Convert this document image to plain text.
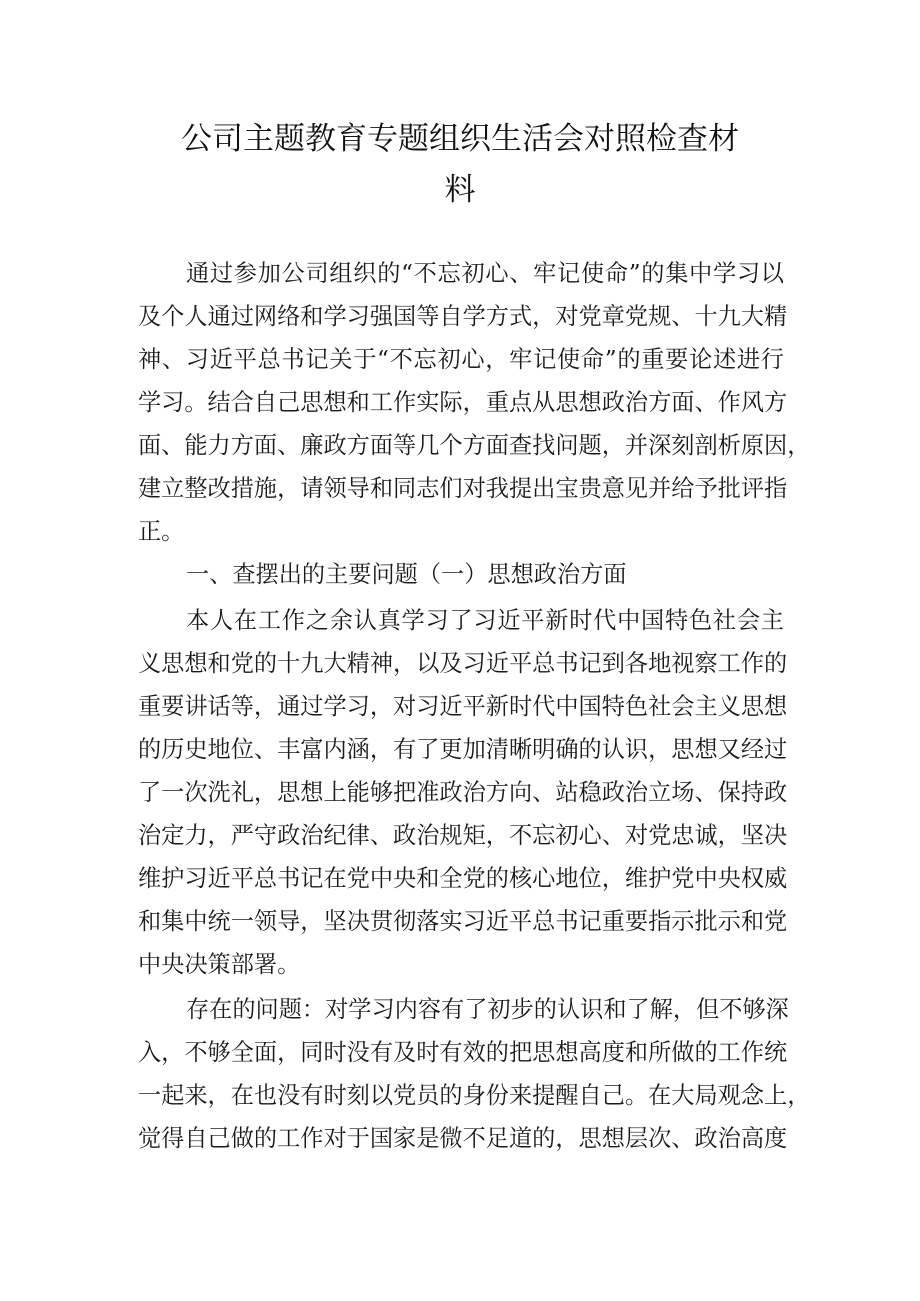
公司主题教育专题组织生活会对照检查材
料
通过参加公司组织的“不忘初心、牢记使命”的集中学习以
及个人通过网络和学习强国等自学方式，对党章党规、十九大精
神、习近平总书记关于“不忘初心，牢记使命”的重要论述进行
学习。结合自己思想和工作实际，重点从思想政治方面、作风方
面、能力方面、廉政方面等几个方面查找问题，并深刻剖析原因，
建立整改措施，请领导和同志们对我提出宝贵意见并给予批评指
正。
一、查摆出的主要问题（一）思想政治方面
本人在工作之余认真学习了习近平新时代中国特色社会主
义思想和党的十九大精神，以及习近平总书记到各地视察工作的
重要讲话等，通过学习，对习近平新时代中国特色社会主义思想
的历史地位、丰富内涵，有了更加清晰明确的认识，思想又经过
了一次洗礼，思想上能够把准政治方向、站稳政治立场、保持政
治定力，严守政治纪律、政治规矩，不忘初心、对党忠诚，坚决
维护习近平总书记在党中央和全党的核心地位，维护党中央权威
和集中统一领导，坚决贯彻落实习近平总书记重要指示批示和党
中央决策部署。
存在的问题：对学习内容有了初步的认识和了解，但不够深
入，不够全面，同时没有及时有效的把思想高度和所做的工作统
一起来，在也没有时刻以党员的身份来提醒自己。在大局观念上，
觉得自己做的工作对于国家是微不足道的，思想层次、政治高度
